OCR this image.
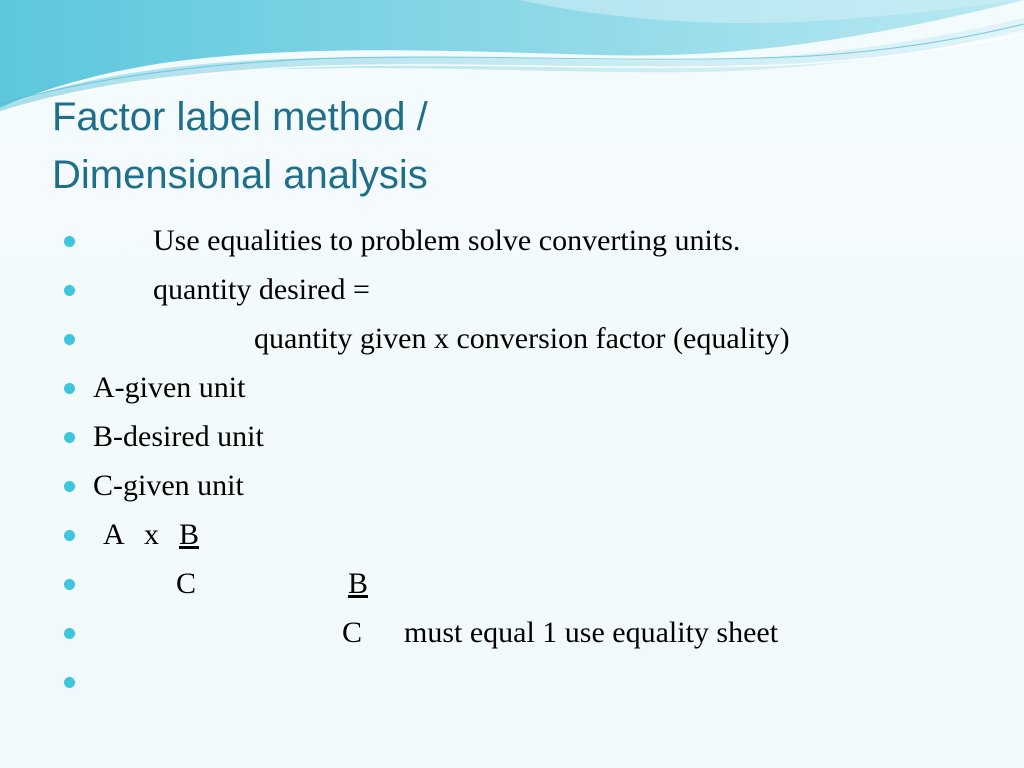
Factor label method /
Dimensional analysis
Use equalities to problem solve converting units.
quantity desired =
quantity given x conversion factor (equality)
A-given unit
B-desired unit
C-given unit
A x B
C	B
C must equal 1 use equality sheet
